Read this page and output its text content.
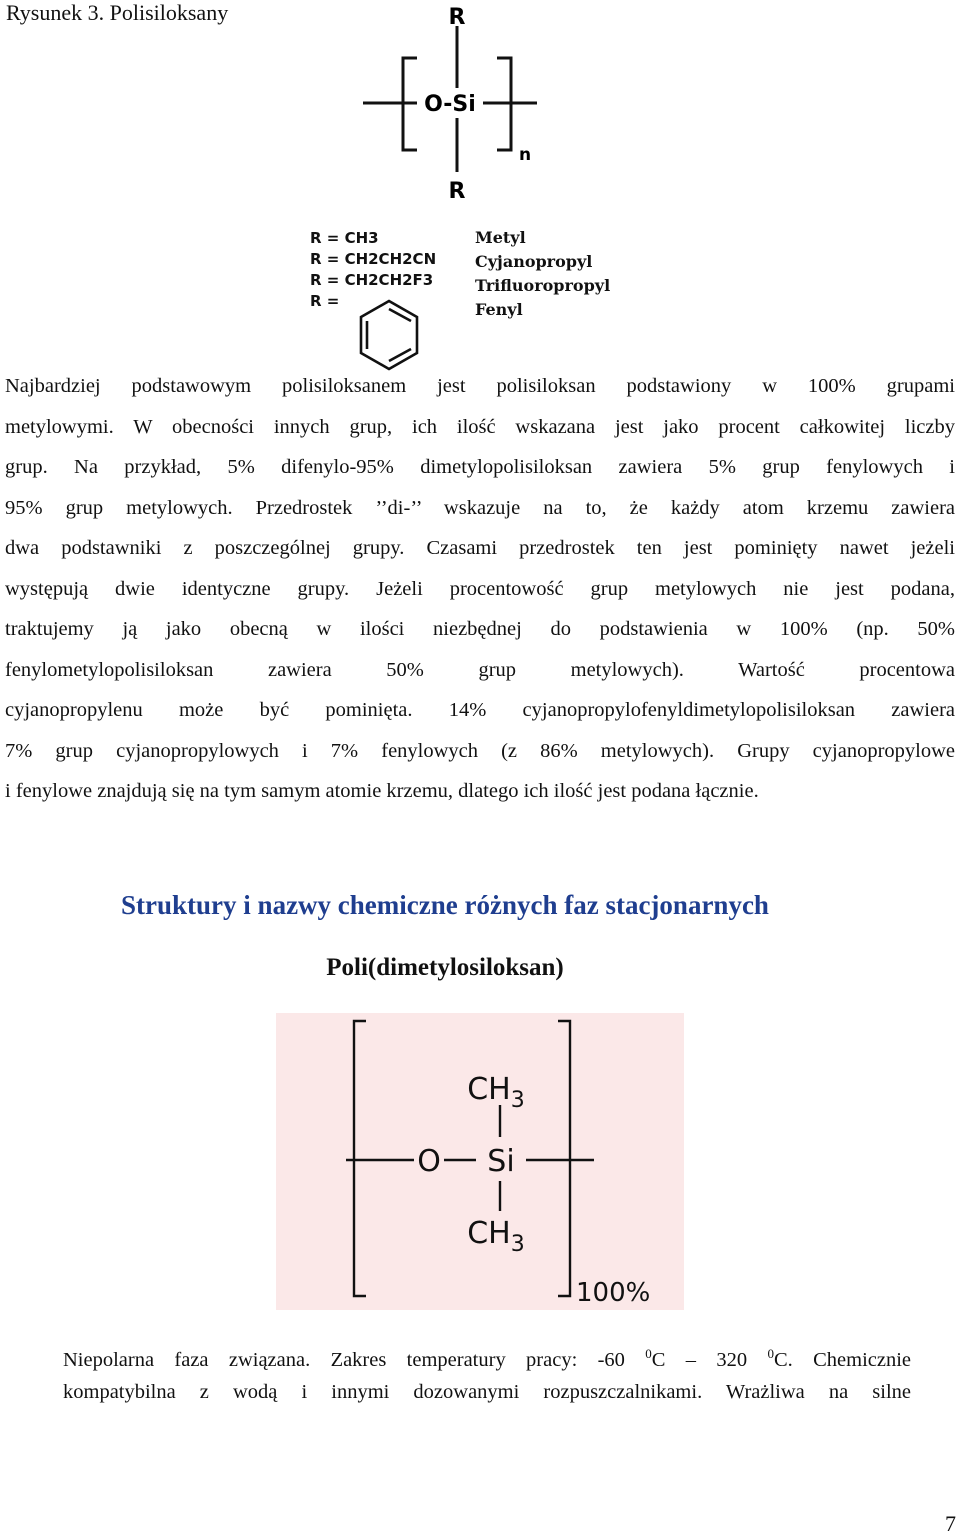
Rysunek 3. Polisiloksany	R
O-Si
n
R
R = CH3
R = CH2CH2CN
R = CH2CH2F3
R =
Metyl
Cyjanopropyl
Trifluoropropyl
Fenyl
Najbardziej podstawowym polisiloksanem jest polisiloksan podstawiony w 100% grupami
metylowymi. W obecności innych grup, ich ilość wskazana jest jako procent całkowitej liczby
grup. Na przykład, 5% difenylo-95% dimetylopolisiloksan zawiera 5% grup fenylowych i
95% grup metylowych. Przedrostek ’’di-’’ wskazuje na to, że każdy atom krzemu zawiera
dwa podstawniki z poszczególnej grupy. Czasami przedrostek ten jest pominięty nawet jeżeli
występują dwie identyczne grupy. Jeżeli procentowość grup metylowych nie jest podana,
traktujemy ją jako obecną w ilości niezbędnej do podstawienia w 100% (np. 50%
fenylometylopolisiloksan zawiera 50% grup metylowych). Wartość procentowa
cyjanopropylenu może być pominięta. 14% cyjanopropylofenyldimetylopolisiloksan zawiera
7% grup cyjanopropylowych i 7% fenylowych (z 86% metylowych). Grupy cyjanopropylowe
i fenylowe znajdują się na tym samym atomie krzemu, dlatego ich ilość jest podana łącznie.
Struktury i nazwy chemiczne różnych faz stacjonarnych
Poli(dimetylosiloksan)
$CH_3$
O Si
$CH_3$
100%
Niepolarna faza związana. Zakres temperatury pracy: -60 $^0$C – 320 $^0$C. Chemicznie
kompatybilna z wodą i innymi dozowanymi rozpuszczalnikami. Wrażliwa na silne
7
